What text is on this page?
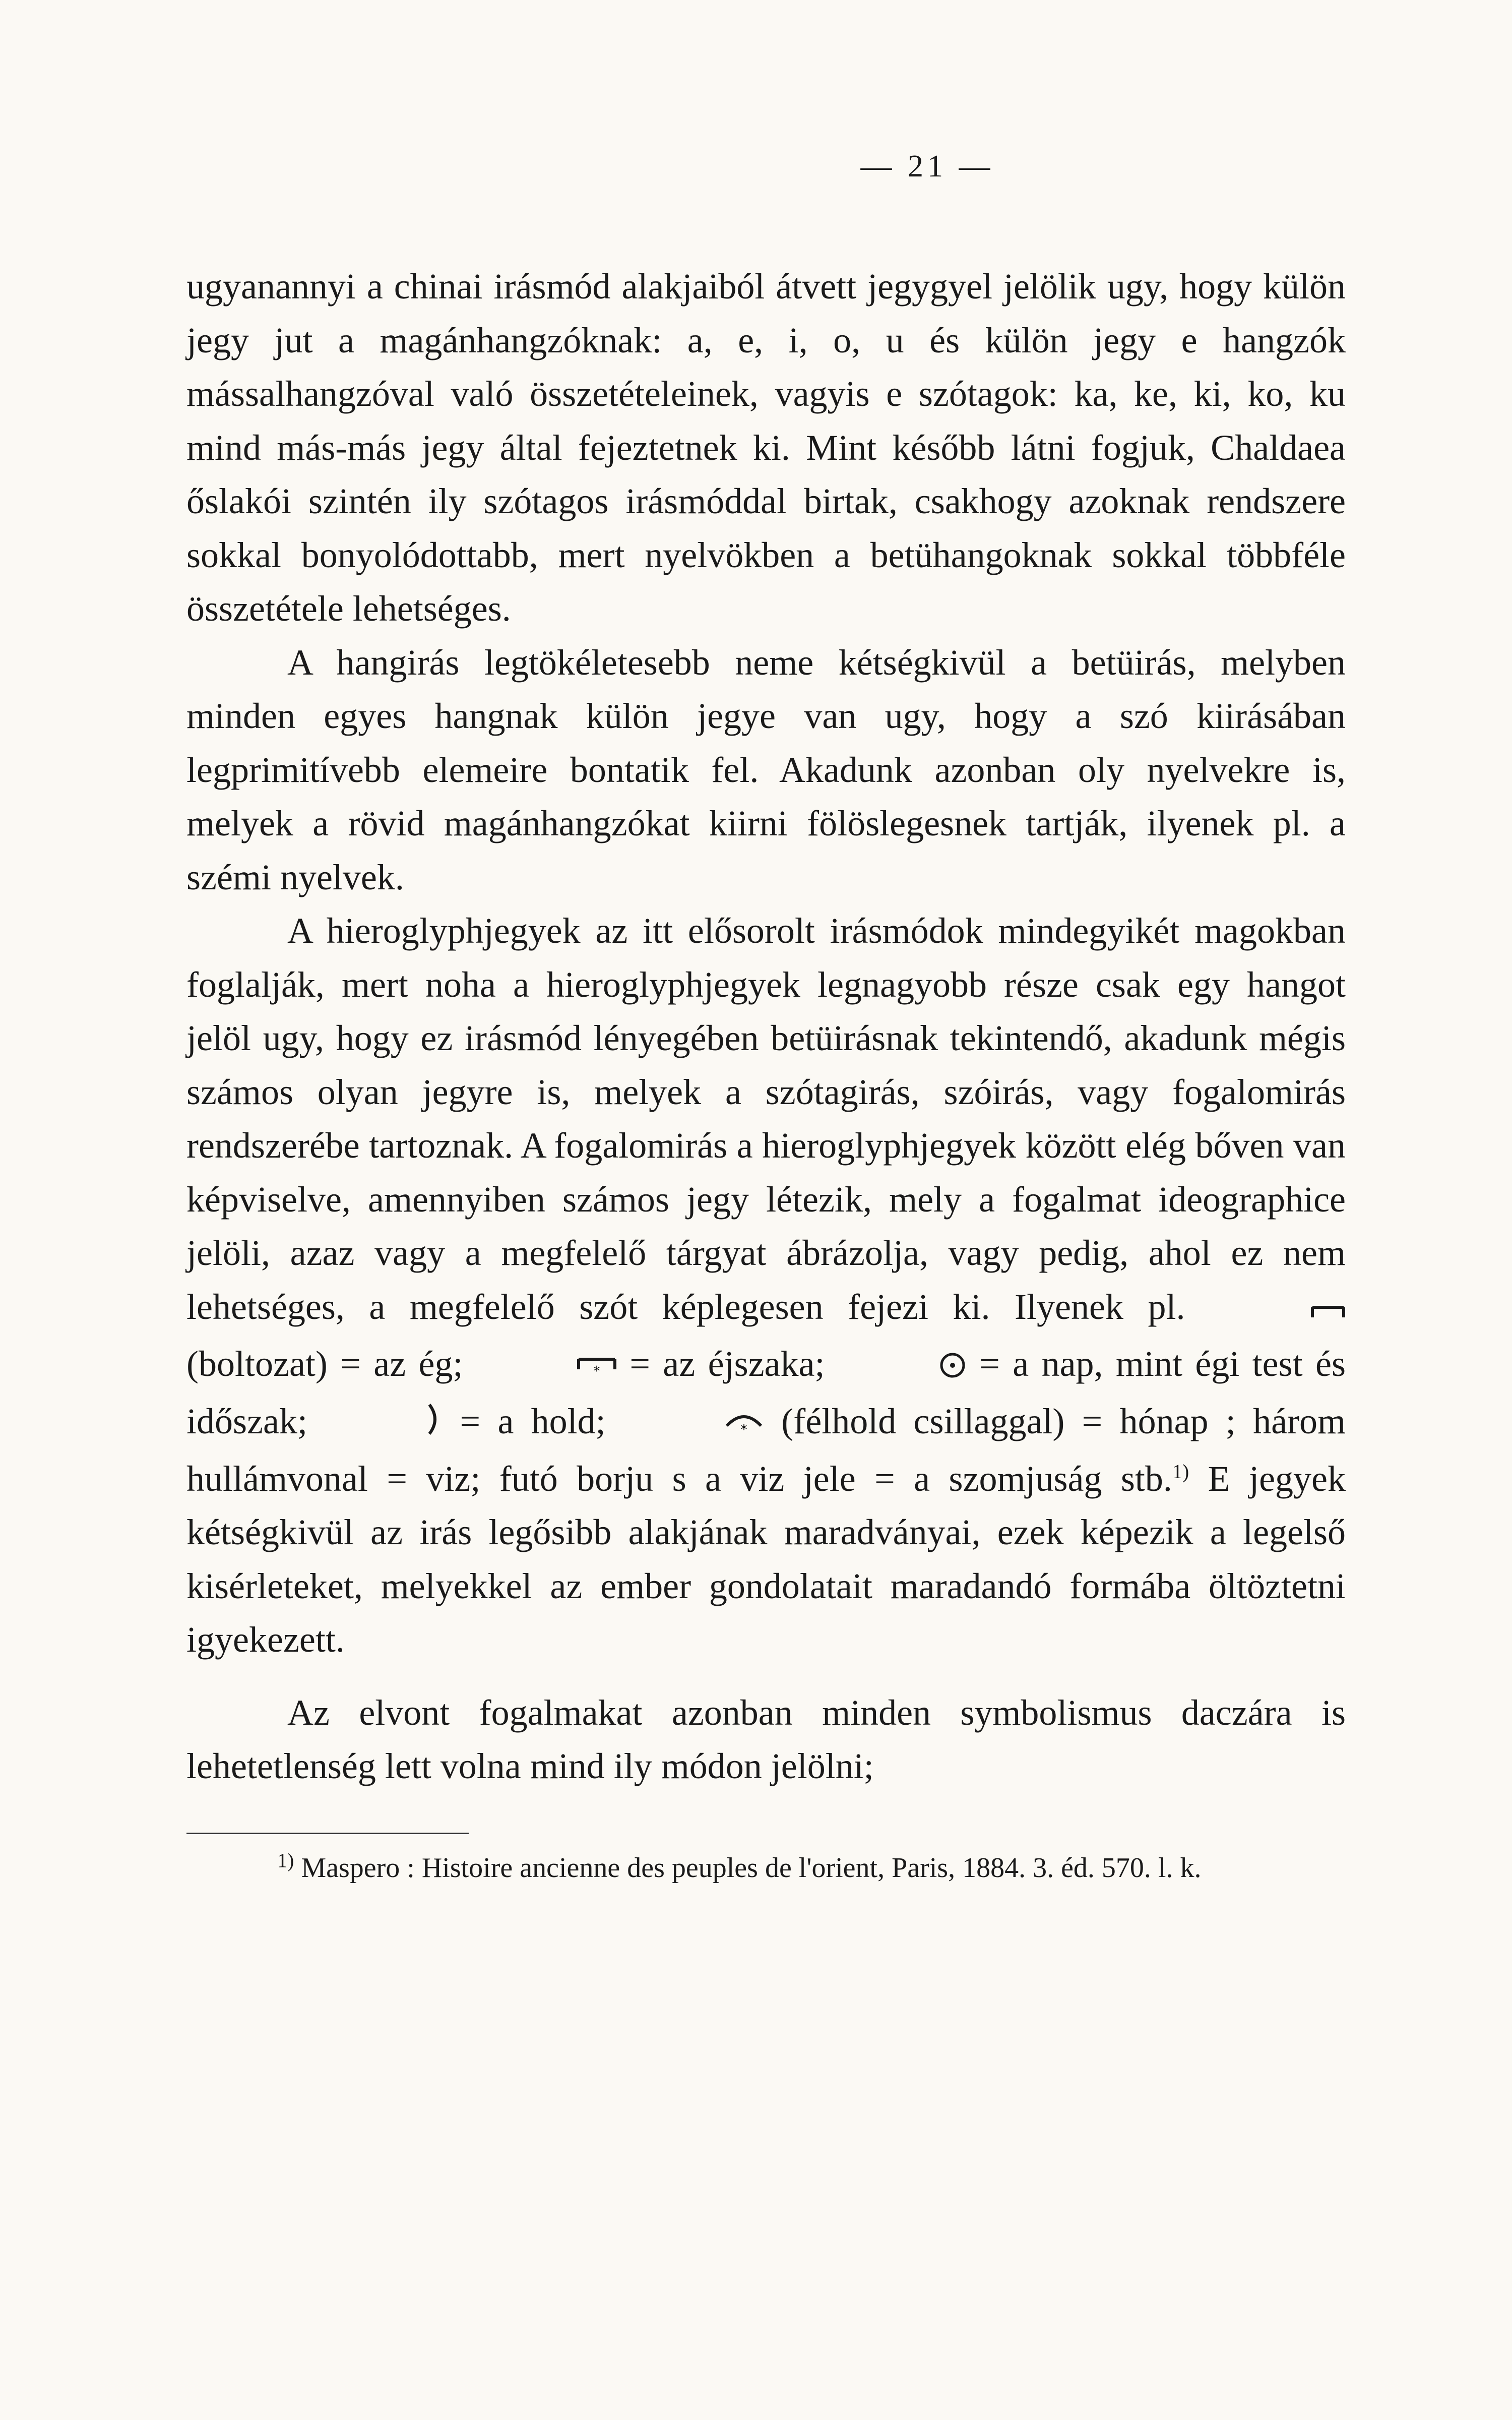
— 21 —

ugyanannyi a chinai irásmód alakjaiból átvett jegygyel jelölik ugy, hogy külön jegy jut a magánhangzóknak: a, e, i, o, u és külön jegy e hangzók mássalhangzóval való összetételeinek, vagyis e szótagok: ka, ke, ki, ko, ku mind más-más jegy által fejeztetnek ki. Mint később látni fogjuk, Chaldaea őslakói szintén ily szótagos irásmóddal birtak, csakhogy azoknak rendszere sokkal bonyolódottabb, mert nyelvökben a betühangoknak sokkal többféle összetétele lehetséges.

A hangirás legtökéletesebb neme kétségkivül a betüirás, melyben minden egyes hangnak külön jegye van ugy, hogy a szó kiirásában legprimitívebb elemeire bontatik fel. Akadunk azonban oly nyelvekre is, melyek a rövid magánhangzókat kiirni fölöslegesnek tartják, ilyenek pl. a szémi nyelvek.

A hieroglyphjegyek az itt elősorolt irásmódok mindegyikét magokban foglalják, mert noha a hieroglyphjegyek legnagyobb része csak egy hangot jelöl ugy, hogy ez irásmód lényegében betüirásnak tekintendő, akadunk mégis számos olyan jegyre is, melyek a szótagirás, szóirás, vagy fogalomirás rendszerébe tartoznak. A fogalomirás a hieroglyphjegyek között elég bőven van képviselve, amennyiben számos jegy létezik, mely a fogalmat ideographice jelöli, azaz vagy a megfelelő tárgyat ábrázolja, vagy pedig, ahol ez nem lehetséges, a megfelelő szót képlegesen fejezi ki. Ilyenek pl.  (boltozat) = az ég;	* = az éjszaka;	= a nap, mint égi test és időszak;	= a hold;	* (félhold csillaggal) = hónap ; három hullámvonal = viz; futó borju s a viz jele = a szomjuság stb.$^{1)}$ E jegyek kétségkivül az irás legősibb alakjának maradványai, ezek képezik a legelső kisérleteket, melyekkel az ember gondolatait maradandó formába öltöztetni igyekezett.

Az elvont fogalmakat azonban minden symbolismus daczára is lehetetlenség lett volna mind ily módon jelölni;

$^{1)}$ Maspero : Histoire ancienne des peuples de l'orient, Paris, 1884. 3. éd. 570. l. k.
